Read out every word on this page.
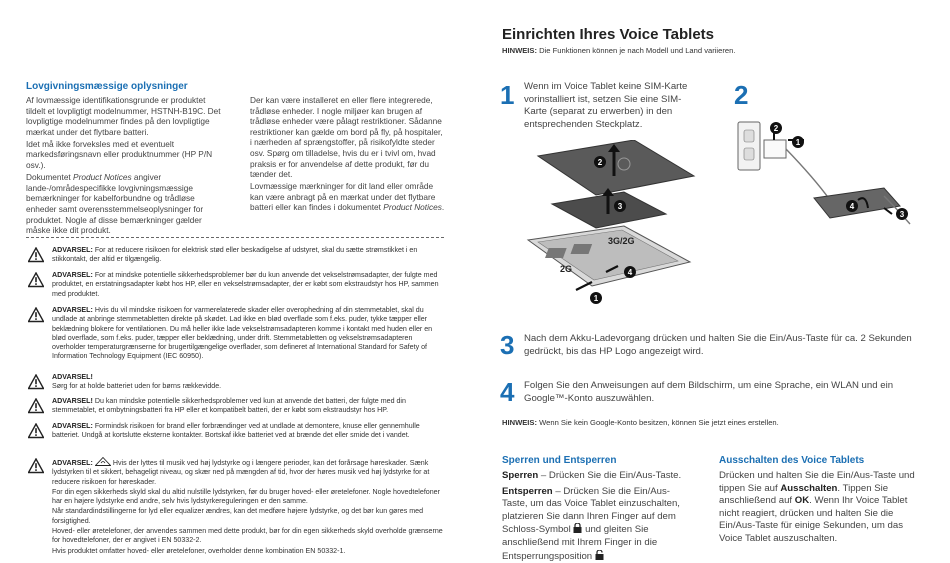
Lovgivningsmæssige oplysninger

Af lovmæssige identifikationsgrunde er produktet tildelt et lovpligtigt modelnummer, HSTNH-B19C. Det lovpligtige modelnummer findes på den lovpligtige mærkat under det flytbare batteri.

Idet må ikke forveksles med et eventuelt markedsføringsnavn eller produktnummer (HP P/N osv.).

Dokumentet Product Notices angiver lande-/områdespecifikke lovgivningsmæssige bemærkninger for kabelforbundne og trådløse enheder samt overensstemmelseoplysninger for produktet. Nogle af disse bemærkninger gælder måske ikke dit produkt.

Der kan være installeret en eller flere integrerede, trådløse enheder. I nogle miljøer kan brugen af trådløse enheder være pålagt restriktioner. Sådanne restriktioner kan gælde om bord på fly, på hospitaler, i nærheden af sprængstoffer, på risikofyldte steder osv. Spørg om tilladelse, hvis du er i tvivl om, hvad praksis er for anvendelse af dette produkt, før du tænder det.

Lovmæssige mærkninger for dit land eller område kan være anbragt på en mærkat under det flytbare batteri eller kan findes i dokumentet Product Notices.

ADVARSEL: For at reducere risikoen for elektrisk stød eller beskadigelse af udstyret, skal du sætte strømstikket i en stikkontakt, der altid er tilgængelig.
ADVARSEL: For at mindske potentielle sikkerhedsproblemer bør du kun anvende det vekselstrømsadapter, der fulgte med produktet, en erstatningsadapter købt hos HP, eller en vekselstrømsadapter, der er købt som ekstraudstyr hos HP, sammen med produktet.
ADVARSEL: Hvis du vil mindske risikoen for varmerelaterede skader eller overophedning af din stemmetablet, skal du undlade at anbringe stemmetabletten direkte på skødet. Lad ikke en blød overflade som f.eks. puder, tykke tæpper eller beklædning blokere for ventilationen. Du må heller ikke lade vekselstrømsadapteren komme i kontakt med huden eller en blød overflade, som f.eks. puder, tæpper eller beklædning, under drift. Stemmetabletten og vekselstrømsadapteren overholder temperaturgrænserne for brugertilgængelige overflader, som defineret af International Standard for Safety of Information Technology Equipment (IEC 60950).
ADVARSEL!
Sørg for at holde batteriet uden for børns rækkevidde.
ADVARSEL! Du kan mindske potentielle sikkerhedsproblemer ved kun at anvende det batteri, der fulgte med din stemmetablet, et ombytningsbatteri fra HP eller et kompatibelt batteri, der er købt som ekstraudstyr hos HP.
ADVARSEL: Formindsk risikoen for brand eller forbrændinger ved at undlade at demontere, knuse eller gennemhulle batteriet. Undgå at kortslutte eksterne kontakter. Bortskaf ikke batteriet ved at brænde det eller smide det i vandet.

ADVARSEL:	Hvis der lyttes til musik ved høj lydstyrke og i længere perioder, kan det forårsage høreskader. Sænk lydstyrken til et sikkert, behageligt niveau, og skær ned på mængden af tid, hvor der høres musik ved høj lydstyrke for at reducere risikoen for høreskader.

For din egen sikkerheds skyld skal du altid nulstille lydstyrken, før du bruger hoved- eller øretelefoner. Nogle hovedtelefoner har en højere lydstyrke end andre, selv hvis lydstyrkereguleringen er den samme.

Når standardindstillingerne for lyd eller equalizer ændres, kan det medføre højere lydstyrke, og det bør kun gøres med forsigtighed.

Hoved- eller øretelefoner, der anvendes sammen med dette produkt, bør for din egen sikkerheds skyld overholde grænserne for hovedtelefoner, der er angivet i EN 50332-2.

Hvis produktet omfatter hoved- eller øretelefoner, overholder denne kombination EN 50332-1.

Einrichten Ihres Voice Tablets
HINWEIS: Die Funktionen können je nach Modell und Land variieren.
1 Wenn im Voice Tablet keine SIM-Karte vorinstalliert ist, setzen Sie eine SIM-Karte (separat zu erwerben) in den entsprechenden Steckplatz.
2
2
3
4
1
3G/2G
2G
2
1
4
3
3 Nach dem Akku-Ladevorgang drücken und halten Sie die Ein/Aus-Taste für ca. 2 Sekunden gedrückt, bis das HP Logo angezeigt wird.
4 Folgen Sie den Anweisungen auf dem Bildschirm, um eine Sprache, ein WLAN und ein Google™-Konto auszuwählen.
HINWEIS: Wenn Sie kein Google-Konto besitzen, können Sie jetzt eines erstellen.
Sperren und Entsperren
Sperren – Drücken Sie die Ein/Aus-Taste.
Entsperren – Drücken Sie die Ein/Aus-Taste, um das Voice Tablet einzuschalten, platzieren Sie dann Ihren Finger auf dem Schloss-Symbol  und gleiten Sie anschließend mit Ihrem Finger in die Entsperrungsposition
Ausschalten des Voice Tablets
Drücken und halten Sie die Ein/Aus-Taste und tippen Sie auf Ausschalten. Tippen Sie anschließend auf OK. Wenn Ihr Voice Tablet nicht reagiert, drücken und halten Sie die Ein/Aus-Taste für einige Sekunden, um das Voice Tablet auszuschalten.
